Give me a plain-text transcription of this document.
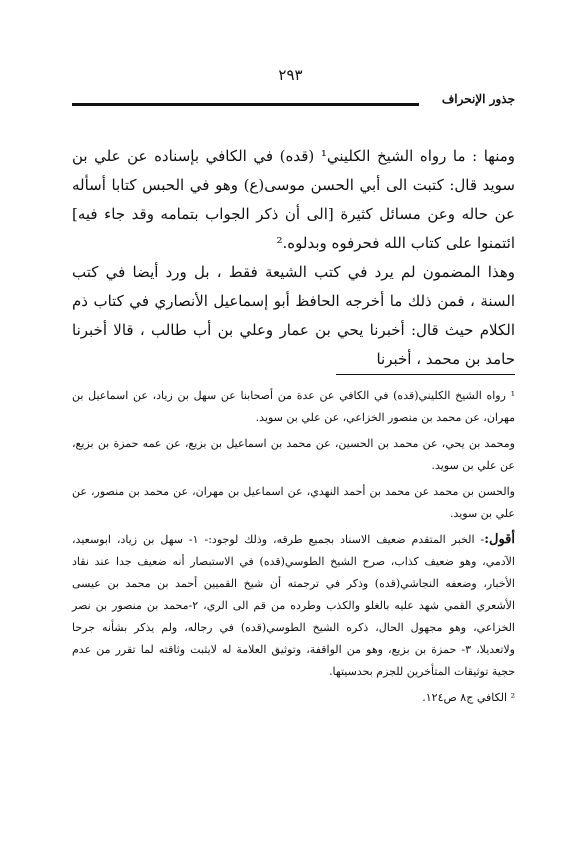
٢٩٣
جذور الإنحراف

ومنها : ما رواه الشيخ الكليني¹ (قده) في الكافي بإسناده عن علي بن سويد قال: كتبت الى أبي الحسن موسى(ع) وهو في الحبس كتابا أسأله عن حاله وعن مسائل كثيرة [الى أن ذكر الجواب بتمامه وقد جاء فيه] ائتمنوا على كتاب الله فحرفوه وبدلوه.²

وهذا المضمون لم يرد في كتب الشيعة فقط ، بل ورد أيضا في كتب السنة ، فمن ذلك ما أخرجه الحافظ أبو إسماعيل الأنصاري في كتاب ذم الكلام حيث قال: أخبرنا يحي بن عمار وعلي بن أب طالب ، قالا أخبرنا حامد بن محمد ، أخبرنا

¹ رواه الشيخ الكليني(قده) في الكافي عن عدة من أصحابنا عن سهل بن زياد، عن اسماعيل بن مهران، عن محمد بن منصور الخزاعي، عن علي بن سويد.

ومحمد بن يحي، عن محمد بن الحسين، عن محمد بن اسماعيل بن بزيع، عن عمه حمزة بن بزيع، عن علي بن سويد.

والحسن بن محمد عن محمد بن أحمد النهدي، عن اسماعيل بن مهران، عن محمد بن منصور، عن علي بن سويد.

أقول:- الخبر المتقدم ضعيف الاسناد بجميع طرقه، وذلك لوجود:- ١- سهل بن زياد، ابوسعيد، الآدمي، وهو ضعيف كذاب، صرح الشيخ الطوسي(قده) في الاستبصار أنه ضعيف جدا عند نقاد الأخبار، وضعفه النجاشي(قده) وذكر في ترجمته أن شيخ القميين أحمد بن محمد بن عيسى الأشعري القمي شهد عليه بالغلو والكذب وطرده من قم الى الري، ٢-محمد بن منصور بن نصر الخزاعي، وهو مجهول الحال، ذكره الشيخ الطوسي(قده) في رجاله، ولم يذكر بشأنه جرحا ولاتعديلا، ٣- حمزة بن بزيع، وهو من الواقفة، وتوثيق العلامة له لايثبت وثاقته لما تقرر من عدم حجية توثيقات المتأخرين للجزم بحدسيتها.

² الكافي ج٨ ص١٢٤.
